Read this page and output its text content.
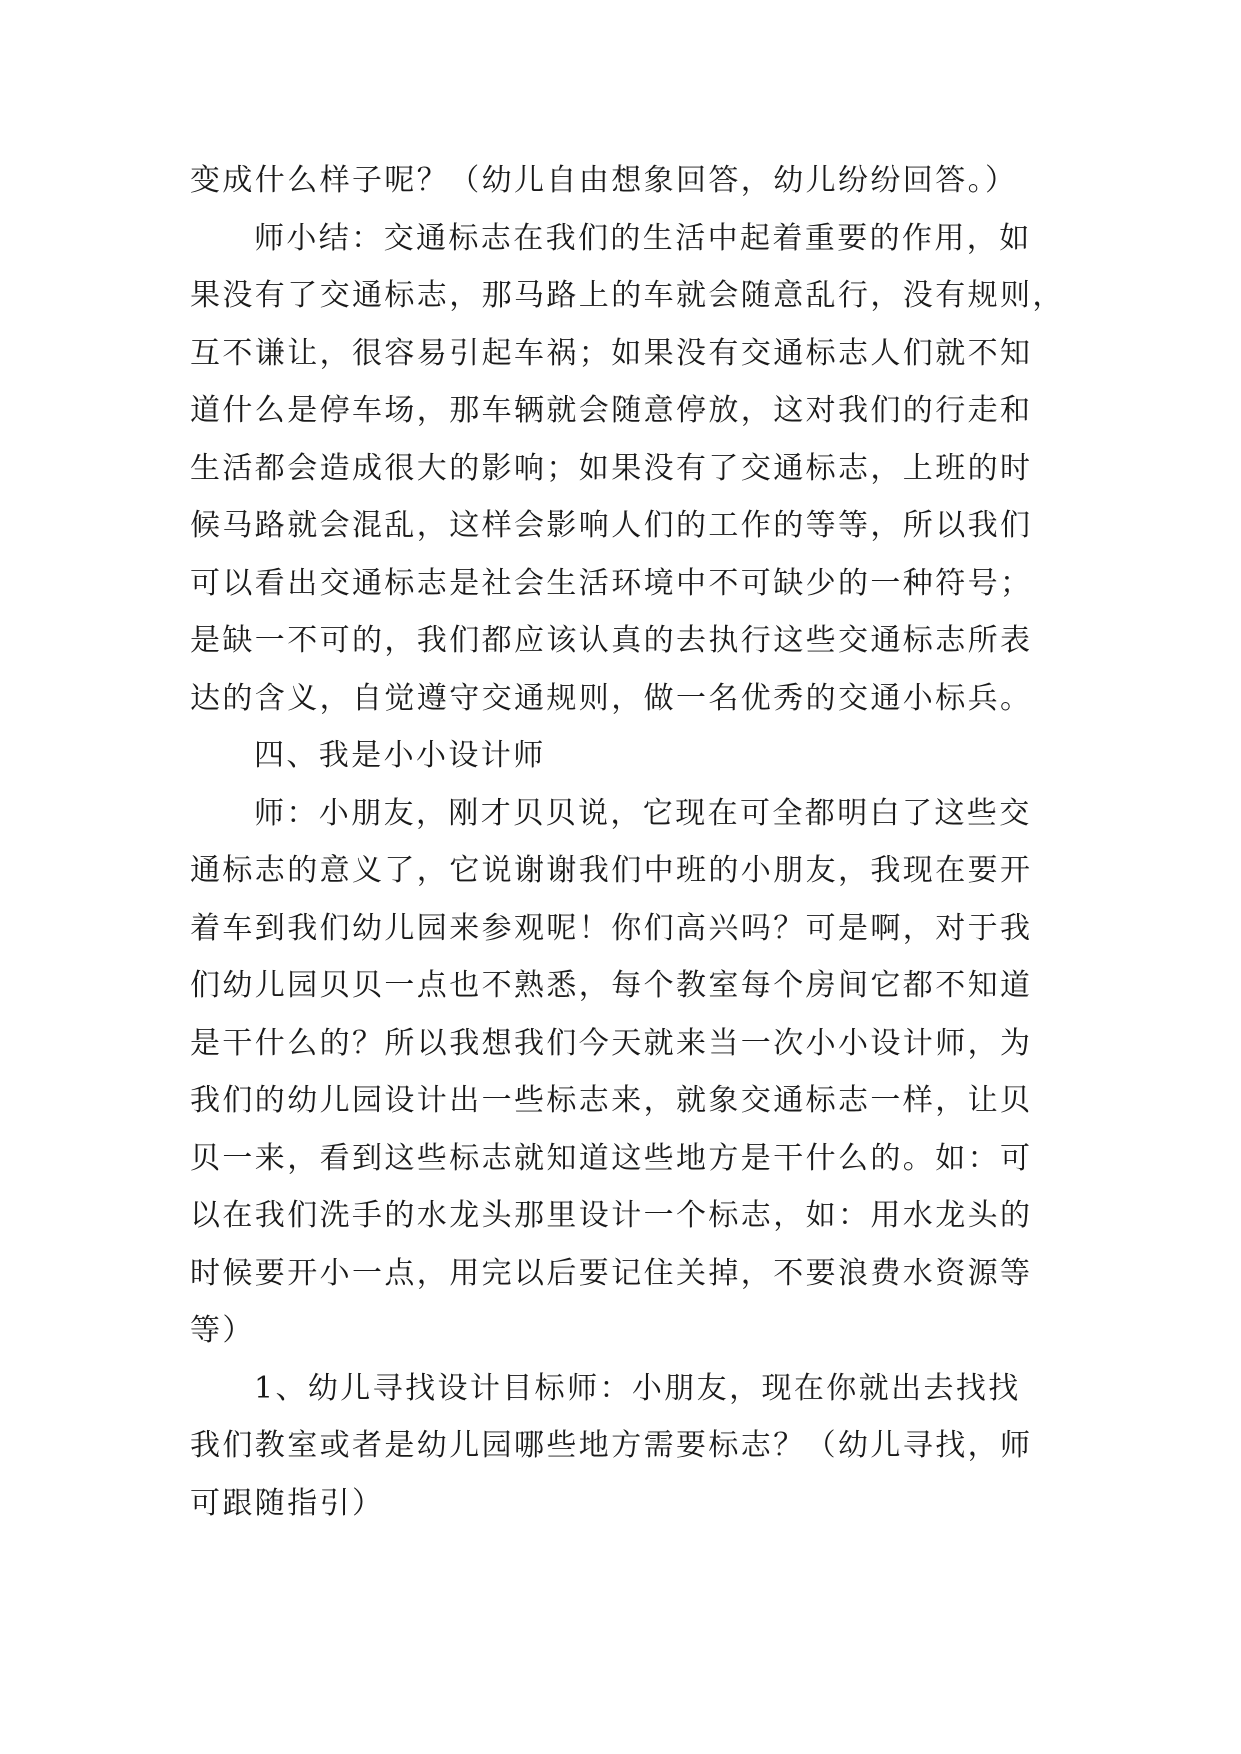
变成什么样子呢？（幼儿自由想象回答，幼儿纷纷回答。）
师小结：交通标志在我们的生活中起着重要的作用，如
果没有了交通标志，那马路上的车就会随意乱行，没有规则，
互不谦让，很容易引起车祸；如果没有交通标志人们就不知
道什么是停车场，那车辆就会随意停放，这对我们的行走和
生活都会造成很大的影响；如果没有了交通标志，上班的时
候马路就会混乱，这样会影响人们的工作的等等，所以我们
可以看出交通标志是社会生活环境中不可缺少的一种符号；
是缺一不可的，我们都应该认真的去执行这些交通标志所表
达的含义，自觉遵守交通规则，做一名优秀的交通小标兵。
四、我是小小设计师
师：小朋友，刚才贝贝说，它现在可全都明白了这些交
通标志的意义了，它说谢谢我们中班的小朋友，我现在要开
着车到我们幼儿园来参观呢！你们高兴吗？可是啊，对于我
们幼儿园贝贝一点也不熟悉，每个教室每个房间它都不知道
是干什么的？所以我想我们今天就来当一次小小设计师，为
我们的幼儿园设计出一些标志来，就象交通标志一样，让贝
贝一来，看到这些标志就知道这些地方是干什么的。如：可
以在我们洗手的水龙头那里设计一个标志，如：用水龙头的
时候要开小一点，用完以后要记住关掉，不要浪费水资源等
等）
1、幼儿寻找设计目标师：小朋友，现在你就出去找找
我们教室或者是幼儿园哪些地方需要标志？（幼儿寻找，师
可跟随指引）
